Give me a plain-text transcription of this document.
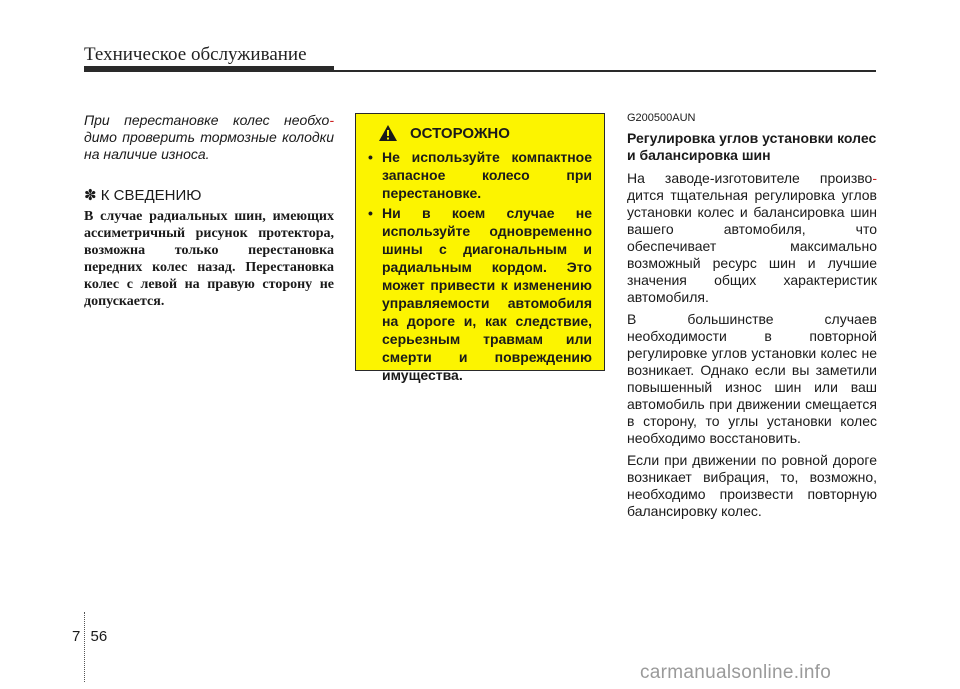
Техническое обслуживание

При перестановке колес необхо- димо проверить тормозные колодки на наличие износа.

✽ К СВЕДЕНИЮ

В случае радиальных шин, имеющих ассиметричный рисунок протектора, возможна только перестановка передних колес назад. Перестановка колес с левой на правую сторону не допускается.

ОСТОРОЖНО
• Не используйте компактное запасное колесо при перестановке.
• Ни в коем случае не используйте одновременно шины с диагональным и радиальным кордом. Это может привести к изменению управляемости автомобиля на дороге и, как следствие, серьезным травмам или смерти и повреждению имущества.

G200500AUN

Регулировка углов установки колес и балансировка шин

На заводе-изготовителе произво- дится тщательная регулировка углов установки колес и балансировка шин вашего автомобиля, что обеспечивает максимально возможный ресурс шин и лучшие значения общих характеристик автомобиля.

В большинстве случаев необходимости в повторной регулировке углов установки колес не возникает. Однако если вы заметили повышенный износ шин или ваш автомобиль при движении смещается в сторону, то углы установки колес необходимо восстановить.

Если при движении по ровной дороге возникает вибрация, то, возможно, необходимо произвести повторную балансировку колес.

7 56
carmanualsonline.info
